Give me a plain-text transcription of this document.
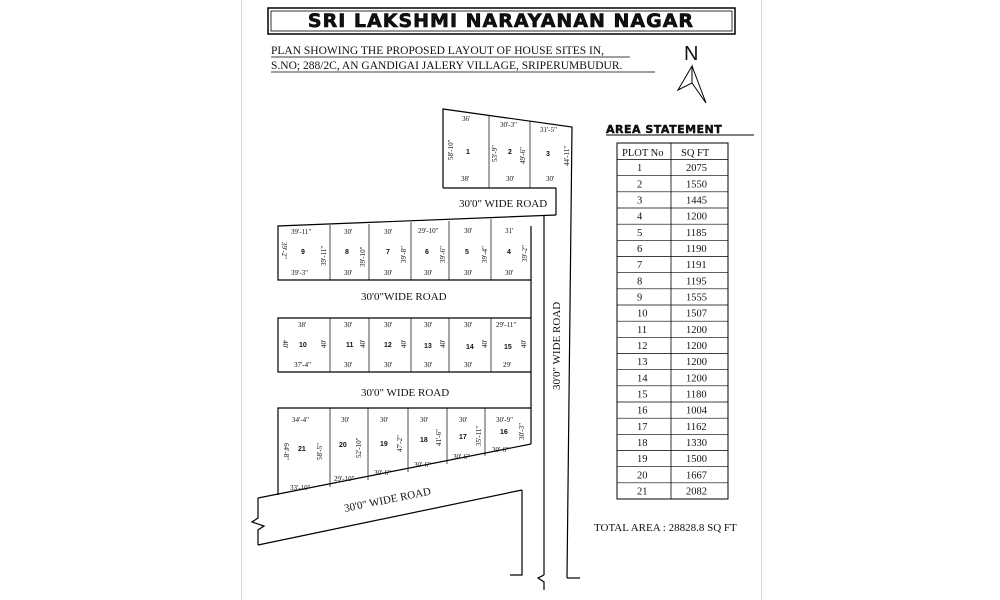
SRI LAKSHMI NARAYANAN NAGAR
PLAN SHOWING THE PROPOSED LAYOUT OF HOUSE SITES IN,
S.NO; 288/2C, AN GANDIGAI JALERY VILLAGE, SRIPERUMBUDUR.
N
36'
1
38'
58'-10"
30'-3"
2
30'
53'-9"	49'-6"
31'-5"
3
30'
44'-11"
30'0" WIDE ROAD
39'-11"
9
39'-3"
39'-2"	39'-11"
30'
8
30'
39'-10"
30'
7
30'
39'-8"
29'-10"
6
30'
39'-6"
30'
5
30'
39'-4"
31'
4
30'
39'-2"
30'0"WIDE ROAD
38'
10
37'-4"
40'	40'
30'
11
30'
40'
30'
12
30'
40'
30'
13
30'
40'
30'
14
30'
40'
29'-11"
15
29'
40'
30'0" WIDE ROAD
34'-4"
21
33'-10"
64'-8"	58'-5"
30'
20
29'-10"
52'-10"
30'
19
30'-6"
47'-2"
30'
18
30'-6"
41'-6"
30'
17
30'-6"
35'-11"
30'-9"
16
30'-6"
30'-3"
30'0" WIDE ROAD
30'0" WIDE ROAD
AREA STATEMENT
PLOT No SQ FT
1	2075
2	1550
3	1445
4	1200
5	1185
6	1190
7	1191
8	1195
9	1555
10	1507
11	1200
12	1200
13	1200
14	1200
15	1180
16	1004
17	1162
18	1330
19	1500
20	1667
21	2082
TOTAL AREA : 28828.8 SQ FT
